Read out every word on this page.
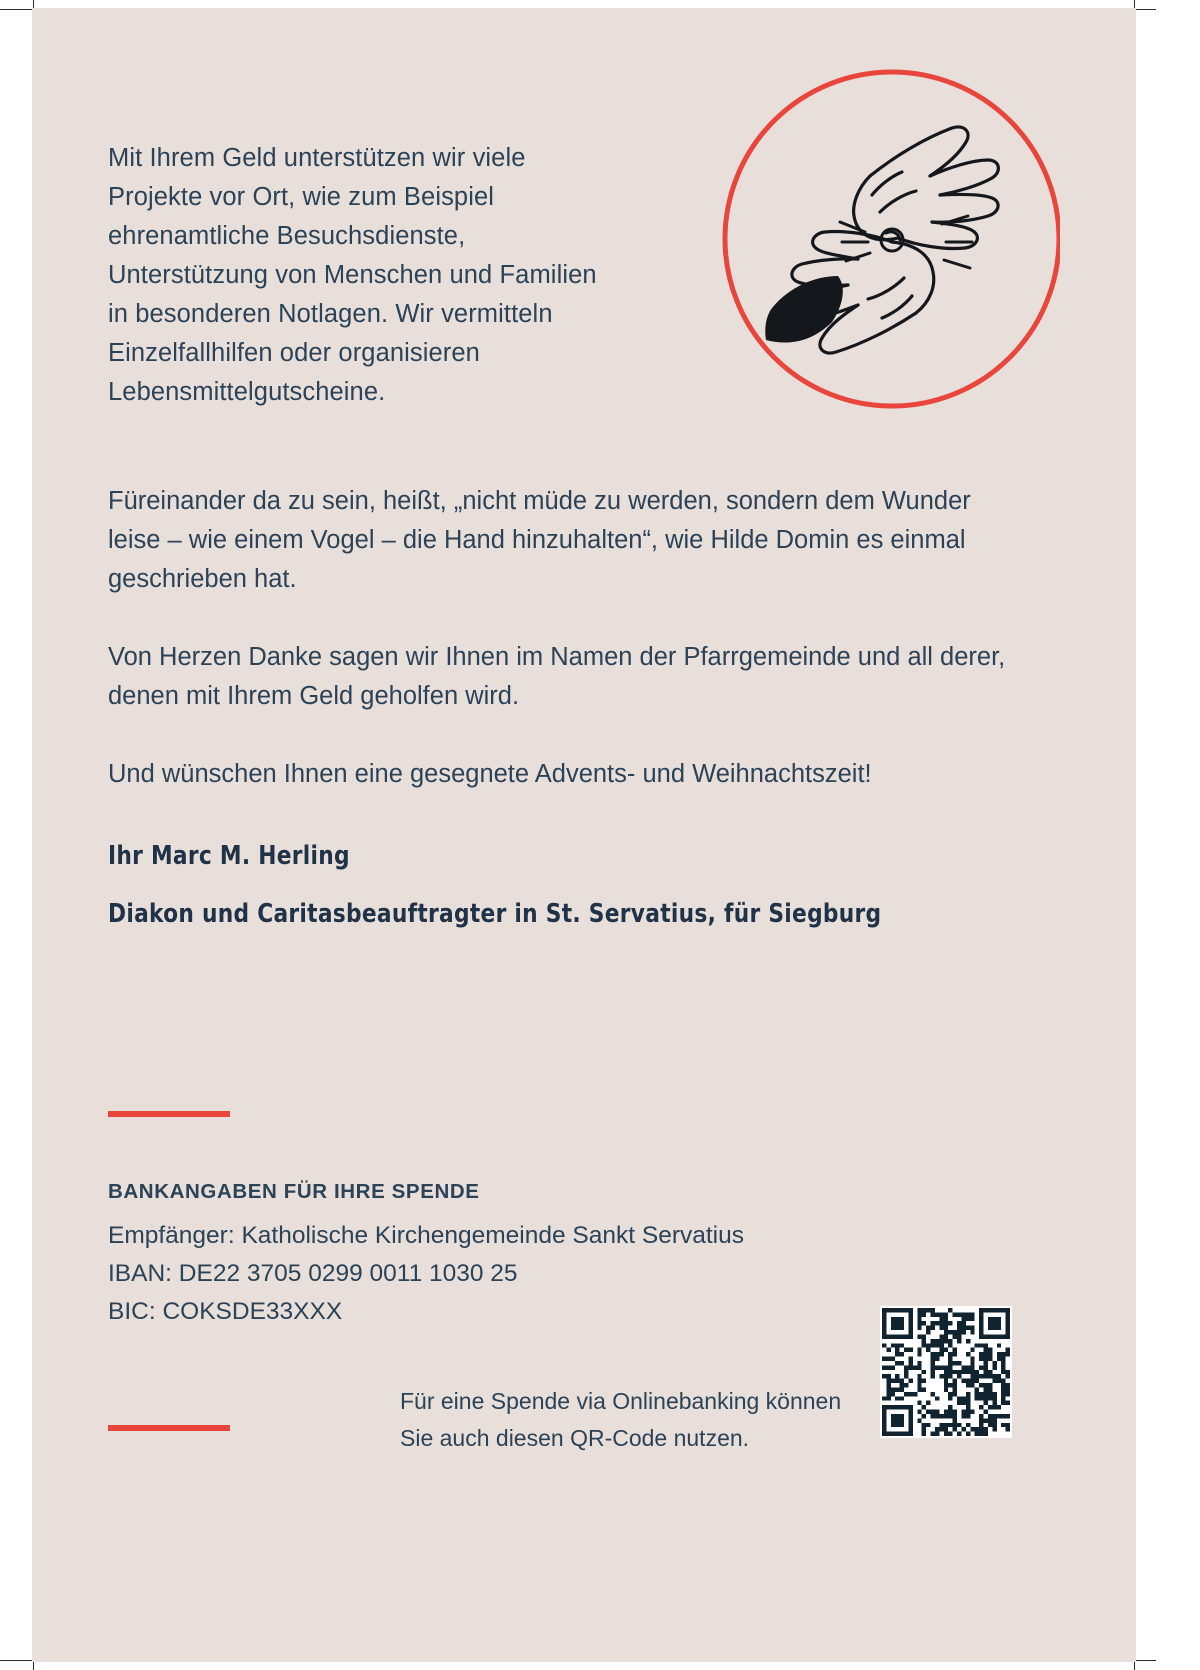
Mit Ihrem Geld unterstützen wir viele Projekte vor Ort, wie zum Beispiel ehrenamtliche Besuchsdienste, Unterstützung von Menschen und Familien in besonderen Notlagen. Wir vermitteln Einzelfallhilfen oder organisieren Lebensmittelgutscheine.

Füreinander da zu sein, heißt, „nicht müde zu werden, sondern dem Wunder leise – wie einem Vogel – die Hand hinzuhalten“, wie Hilde Domin es einmal geschrieben hat.

Von Herzen Danke sagen wir Ihnen im Namen der Pfarrgemeinde und all derer, denen mit Ihrem Geld geholfen wird.

Und wünschen Ihnen eine gesegnete Advents- und Weihnachtszeit!

Ihr Marc M. Herling
Diakon und Caritasbeauftragter in St. Servatius, für Siegburg
BANKANGABEN FÜR IHRE SPENDE
Empfänger: Katholische Kirchengemeinde Sankt Servatius
IBAN: DE22 3705 0299 0011 1030 25
BIC: COKSDE33XXX

Für eine Spende via Onlinebanking können Sie auch diesen QR-Code nutzen.
